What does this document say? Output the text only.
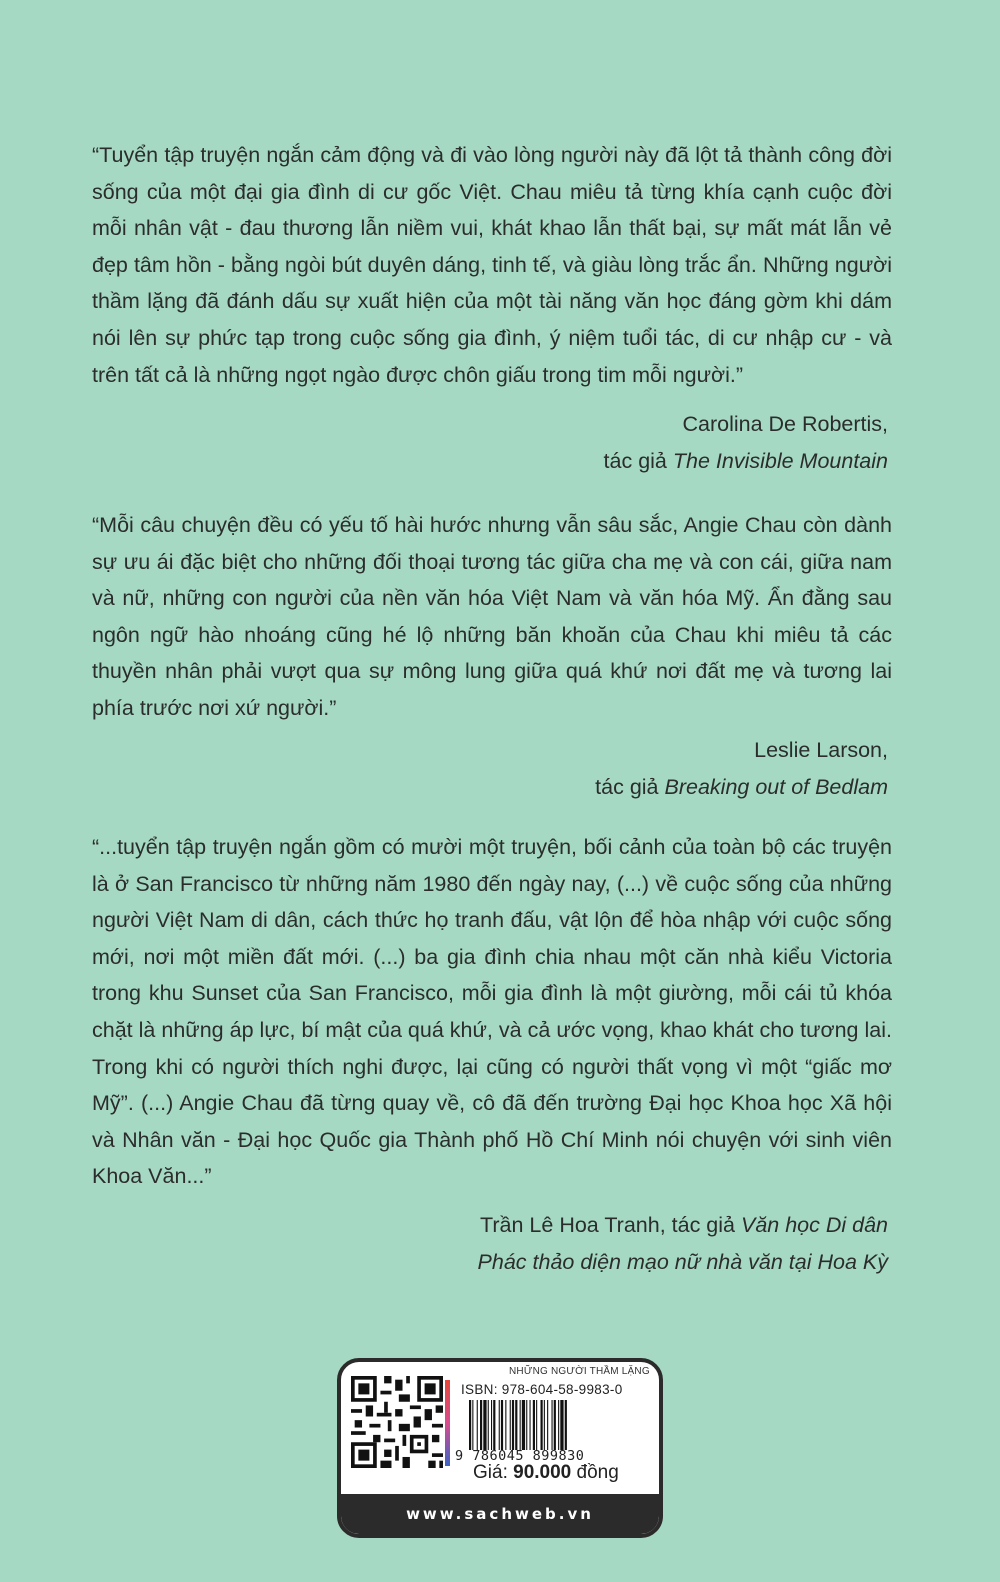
“Tuyển tập truyện ngắn cảm động và đi vào lòng người này đã lột tả thành công đời sống của một đại gia đình di cư gốc Việt. Chau miêu tả từng khía cạnh cuộc đời mỗi nhân vật - đau thương lẫn niềm vui, khát khao lẫn thất bại, sự mất mát lẫn vẻ đẹp tâm hồn - bằng ngòi bút duyên dáng, tinh tế, và giàu lòng trắc ẩn. Những người thầm lặng đã đánh dấu sự xuất hiện của một tài năng văn học đáng gờm khi dám nói lên sự phức tạp trong cuộc sống gia đình, ý niệm tuổi tác, di cư nhập cư - và trên tất cả là những ngọt ngào được chôn giấu trong tim mỗi người.”

Carolina De Robertis,
tác giả The Invisible Mountain

“Mỗi câu chuyện đều có yếu tố hài hước nhưng vẫn sâu sắc, Angie Chau còn dành sự ưu ái đặc biệt cho những đối thoại tương tác giữa cha mẹ và con cái, giữa nam và nữ, những con người của nền văn hóa Việt Nam và văn hóa Mỹ. Ẩn đằng sau ngôn ngữ hào nhoáng cũng hé lộ những băn khoăn của Chau khi miêu tả các thuyền nhân phải vượt qua sự mông lung giữa quá khứ nơi đất mẹ và tương lai phía trước nơi xứ người.”

Leslie Larson,
tác giả Breaking out of Bedlam

“...tuyển tập truyện ngắn gồm có mười một truyện, bối cảnh của toàn bộ các truyện là ở San Francisco từ những năm 1980 đến ngày nay, (...) về cuộc sống của những người Việt Nam di dân, cách thức họ tranh đấu, vật lộn để hòa nhập với cuộc sống mới, nơi một miền đất mới. (...) ba gia đình chia nhau một căn nhà kiểu Victoria trong khu Sunset của San Francisco, mỗi gia đình là một giường, mỗi cái tủ khóa chặt là những áp lực, bí mật của quá khứ, và cả ước vọng, khao khát cho tương lai. Trong khi có người thích nghi được, lại cũng có người thất vọng vì một “giấc mơ Mỹ”. (...) Angie Chau đã từng quay về, cô đã đến trường Đại học Khoa học Xã hội và Nhân văn - Đại học Quốc gia Thành phố Hồ Chí Minh nói chuyện với sinh viên Khoa Văn...”

Trần Lê Hoa Tranh, tác giả Văn học Di dân
Phác thảo diện mạo nữ nhà văn tại Hoa Kỳ
NHỮNG NGƯỜI THẦM LẶNG
ISBN: 978-604-58-9983-0
9 786045 899830
Giá: 90.000 đồng
www.sachweb.vn
